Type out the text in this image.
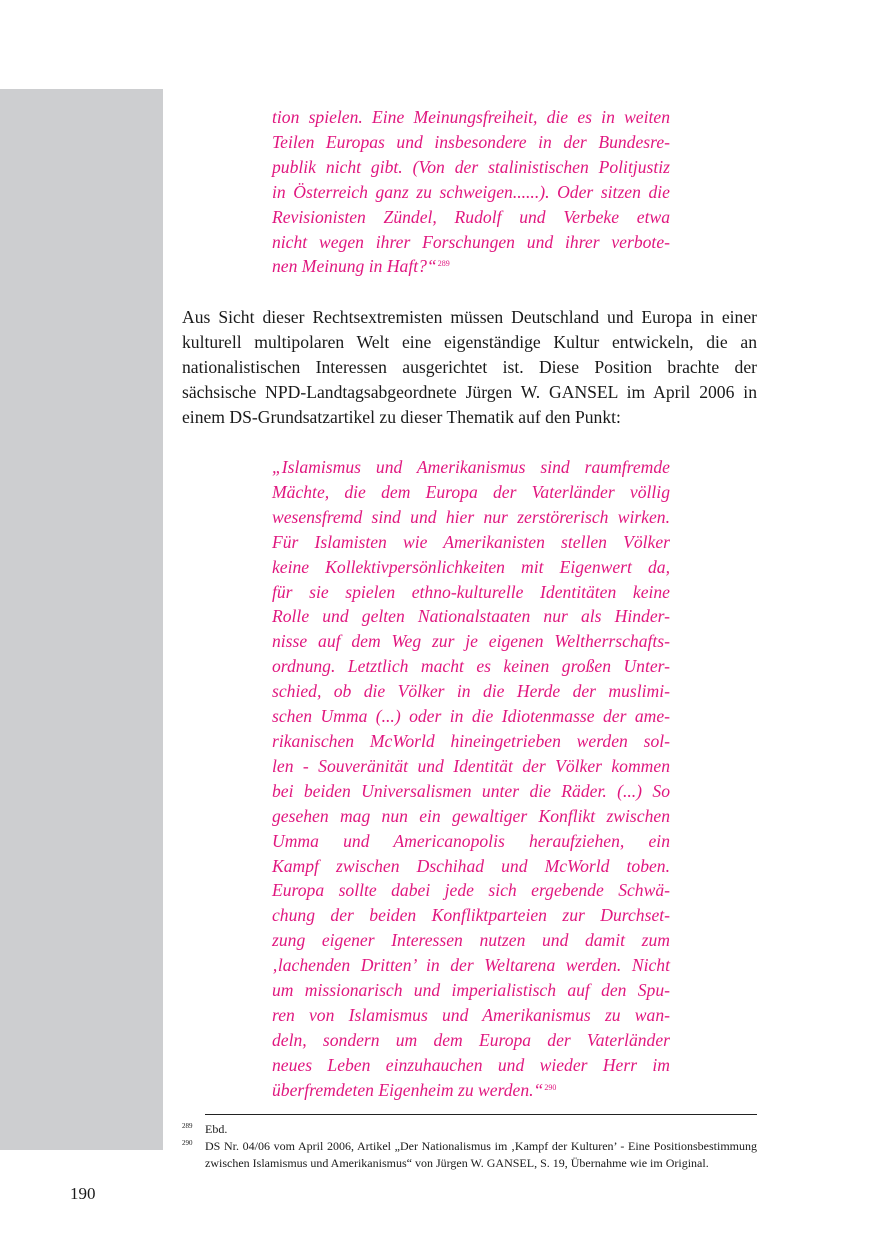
tion spielen. Eine Meinungsfreiheit, die es in weiten

Teilen Europas und insbesondere in der Bundesre-

publik nicht gibt. (Von der stalinistischen Politjustiz

in Österreich ganz zu schweigen......). Oder sitzen die

Revisionisten Zündel, Rudolf und Verbeke etwa

nicht wegen ihrer Forschungen und ihrer verbote-

nen Meinung in Haft?“$^{289}$

Aus Sicht dieser Rechtsextremisten müssen Deutschland und Europa in einer kulturell multipolaren Welt eine eigenständige Kultur entwickeln, die an nationalistischen Interessen ausgerichtet ist. Diese Position brachte der sächsische NPD-Landtagsabgeordnete Jürgen W. GANSEL im April 2006 in einem DS-Grundsatzartikel zu dieser Thematik auf den Punkt:

„Islamismus und Amerikanismus sind raumfremde

Mächte, die dem Europa der Vaterländer völlig

wesensfremd sind und hier nur zerstörerisch wirken.

Für Islamisten wie Amerikanisten stellen Völker

keine Kollektivpersönlichkeiten mit Eigenwert da,

für sie spielen ethno-kulturelle Identitäten keine

Rolle und gelten Nationalstaaten nur als Hinder-

nisse auf dem Weg zur je eigenen Weltherrschafts-

ordnung. Letztlich macht es keinen großen Unter-

schied, ob die Völker in die Herde der muslimi-

schen Umma (...) oder in die Idiotenmasse der ame-

rikanischen McWorld hineingetrieben werden sol-

len - Souveränität und Identität der Völker kommen

bei beiden Universalismen unter die Räder. (...) So

gesehen mag nun ein gewaltiger Konflikt zwischen

Umma und Americanopolis heraufziehen, ein

Kampf zwischen Dschihad und McWorld toben.

Europa sollte dabei jede sich ergebende Schwä-

chung der beiden Konfliktparteien zur Durchset-

zung eigener Interessen nutzen und damit zum

‚lachenden Dritten’ in der Weltarena werden. Nicht

um missionarisch und imperialistisch auf den Spu-

ren von Islamismus und Amerikanismus zu wan-

deln, sondern um dem Europa der Vaterländer

neues Leben einzuhauchen und wieder Herr im

überfremdeten Eigenheim zu werden.“$^{290}$

289 Ebd.

290 DS Nr. 04/06 vom April 2006, Artikel „Der Nationalismus im ‚Kampf der Kulturen’ - Eine Positionsbestimmung zwischen Islamismus und Amerikanismus“ von Jürgen W. GANSEL, S. 19, Übernahme wie im Original.

190
